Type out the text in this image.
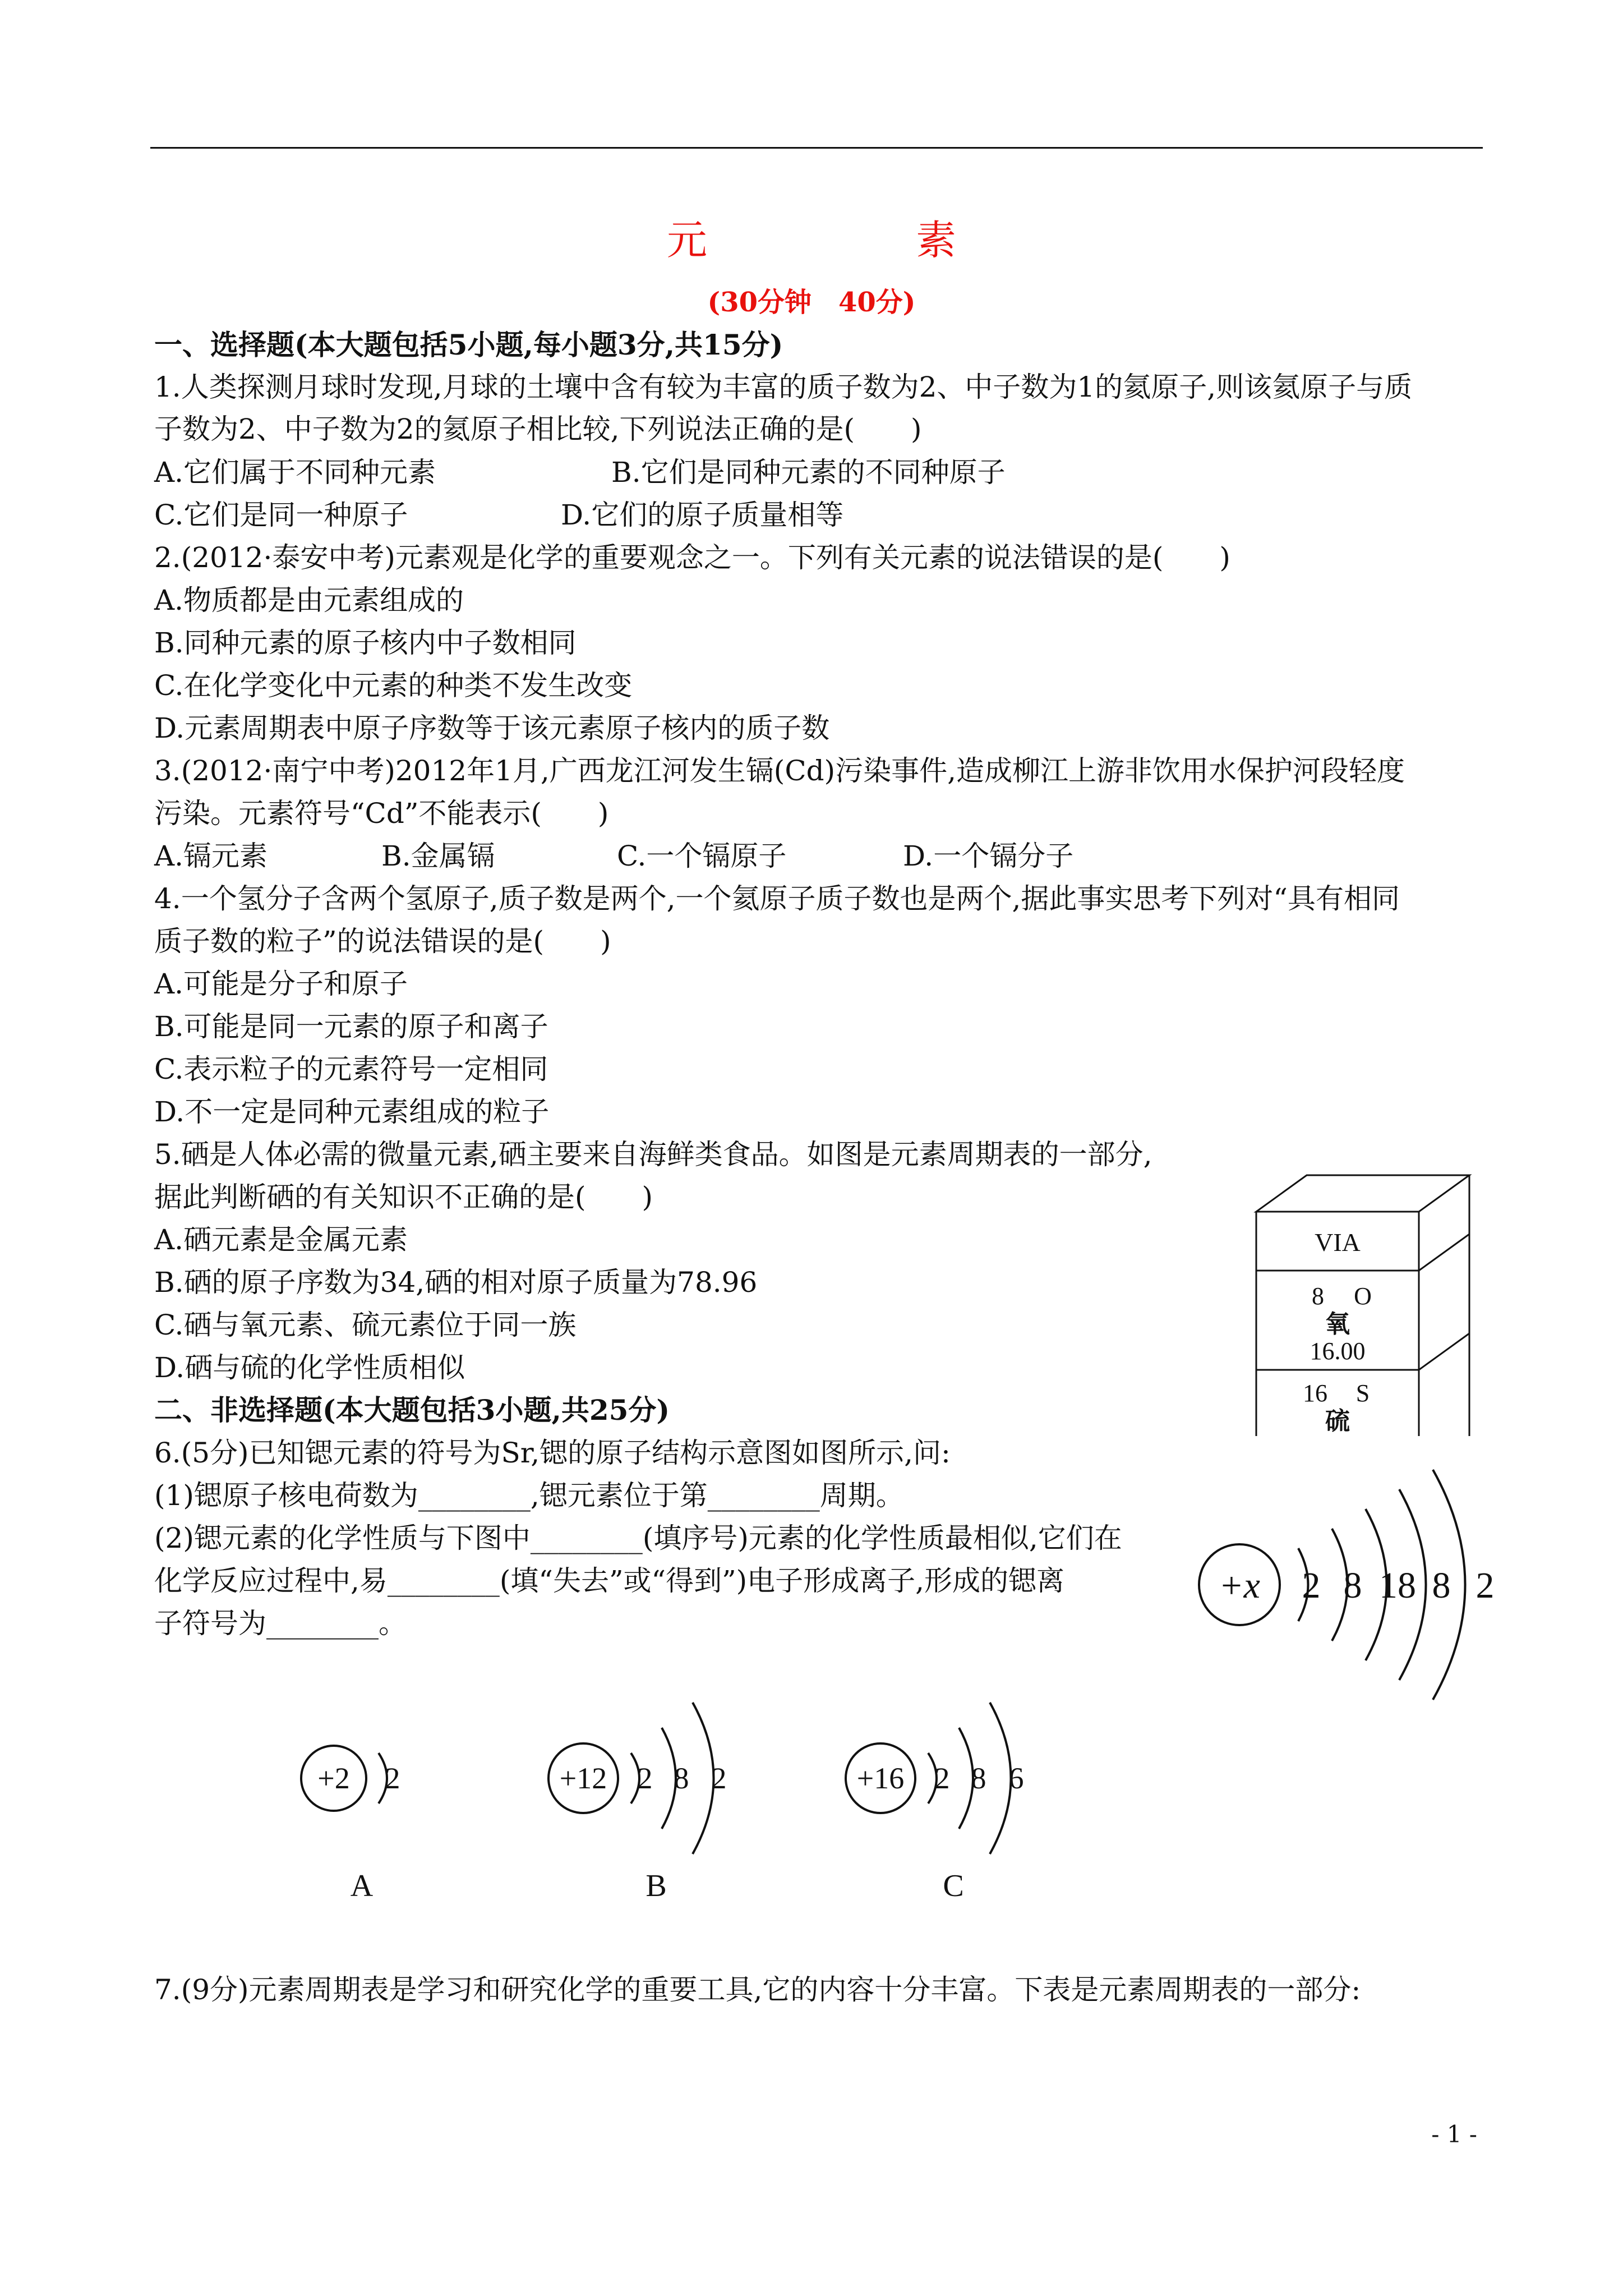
元　素
(30分钟　40分)
一、选择题(本大题包括5小题,每小题3分,共15分)
1.人类探测月球时发现,月球的土壤中含有较为丰富的质子数为2、中子数为1的氦原子,则该氦原子与质
子数为2、中子数为2的氦原子相比较,下列说法正确的是(　　)
A.它们属于不同种元素	B.它们是同种元素的不同种原子
C.它们是同一种原子	D.它们的原子质量相等
2.(2012·泰安中考)元素观是化学的重要观念之一。下列有关元素的说法错误的是(　　)
A.物质都是由元素组成的
B.同种元素的原子核内中子数相同
C.在化学变化中元素的种类不发生改变
D.元素周期表中原子序数等于该元素原子核内的质子数
3.(2012·南宁中考)2012年1月,广西龙江河发生镉(Cd)污染事件,造成柳江上游非饮用水保护河段轻度
污染。元素符号“Cd”不能表示(　　)
A.镉元素	B.金属镉	C.一个镉原子	D.一个镉分子
4.一个氢分子含两个氢原子,质子数是两个,一个氦原子质子数也是两个,据此事实思考下列对“具有相同
质子数的粒子”的说法错误的是(　　)
A.可能是分子和原子
B.可能是同一元素的原子和离子
C.表示粒子的元素符号一定相同
D.不一定是同种元素组成的粒子
5.硒是人体必需的微量元素,硒主要来自海鲜类食品。如图是元素周期表的一部分,
据此判断硒的有关知识不正确的是(　　)
A.硒元素是金属元素
B.硒的原子序数为34,硒的相对原子质量为78.96
C.硒与氧元素、硫元素位于同一族
D.硒与硫的化学性质相似
VIA
8 O
氧
16.00
16 S
硫
二、非选择题(本大题包括3小题,共25分)
6.(5分)已知锶元素的符号为Sr,锶的原子结构示意图如图所示,问:
(1)锶原子核电荷数为________,锶元素位于第________周期。
(2)锶元素的化学性质与下图中________(填序号)元素的化学性质最相似,它们在
化学反应过程中,易________(填“失去”或“得到”)电子形成离子,形成的锶离
子符号为________。
+x 2 8 18 8 2
+2 2
A
+12 2 8 2
B
+16 2 8 6
C
7.(9分)元素周期表是学习和研究化学的重要工具,它的内容十分丰富。下表是元素周期表的一部分:
- 1 -
